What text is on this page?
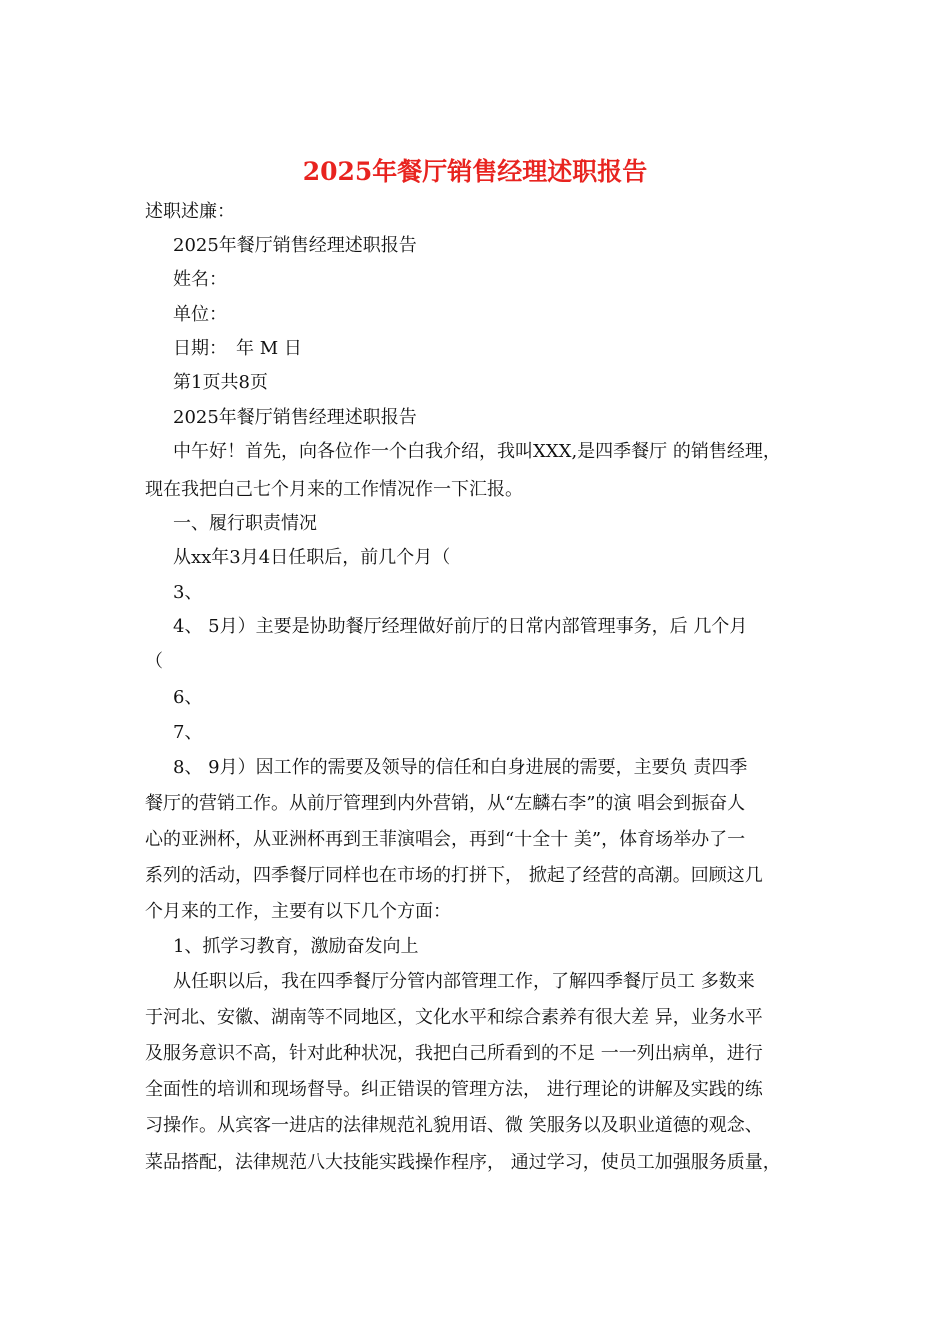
2025年餐厅销售经理述职报告
述职述廉：
2025年餐厅销售经理述职报告
姓名：
单位：
日期：　年 M 日
第1页共8页
2025年餐厅销售经理述职报告
中午好！首先，向各位作一个白我介绍，我叫XXX,是四季餐厅 的销售经理，
现在我把白己七个月来的工作情况作一下汇报。
一、履行职责情况
从xx年3月4日任职后，前几个月（
3、
4、 5月）主要是协助餐厅经理做好前厅的日常内部管理事务，后 几个月
（
6、
7、
8、 9月）因工作的需要及领导的信任和白身进展的需要，主要负 责四季
餐厅的营销工作。从前厅管理到内外营销，从“左麟右李”的演 唱会到振奋人
心的亚洲杯，从亚洲杯再到王菲演唱会，再到“十全十 美”，体育场举办了一
系列的活动，四季餐厅同样也在市场的打拼下， 掀起了经营的高潮。回顾这几
个月来的工作，主要有以下几个方面：
1、抓学习教育，激励奋发向上
从任职以后，我在四季餐厅分管内部管理工作，了解四季餐厅员工 多数来
于河北、安徽、湖南等不同地区，文化水平和综合素养有很大差 异，业务水平
及服务意识不高，针对此种状况，我把白己所看到的不足 一一列出病单，进行
全面性的培训和现场督导。纠正错误的管理方法， 进行理论的讲解及实践的练
习操作。从宾客一进店的法律规范礼貌用语、微 笑服务以及职业道德的观念、
菜品搭配，法律规范八大技能实践操作程序， 通过学习，使员工加强服务质量，
